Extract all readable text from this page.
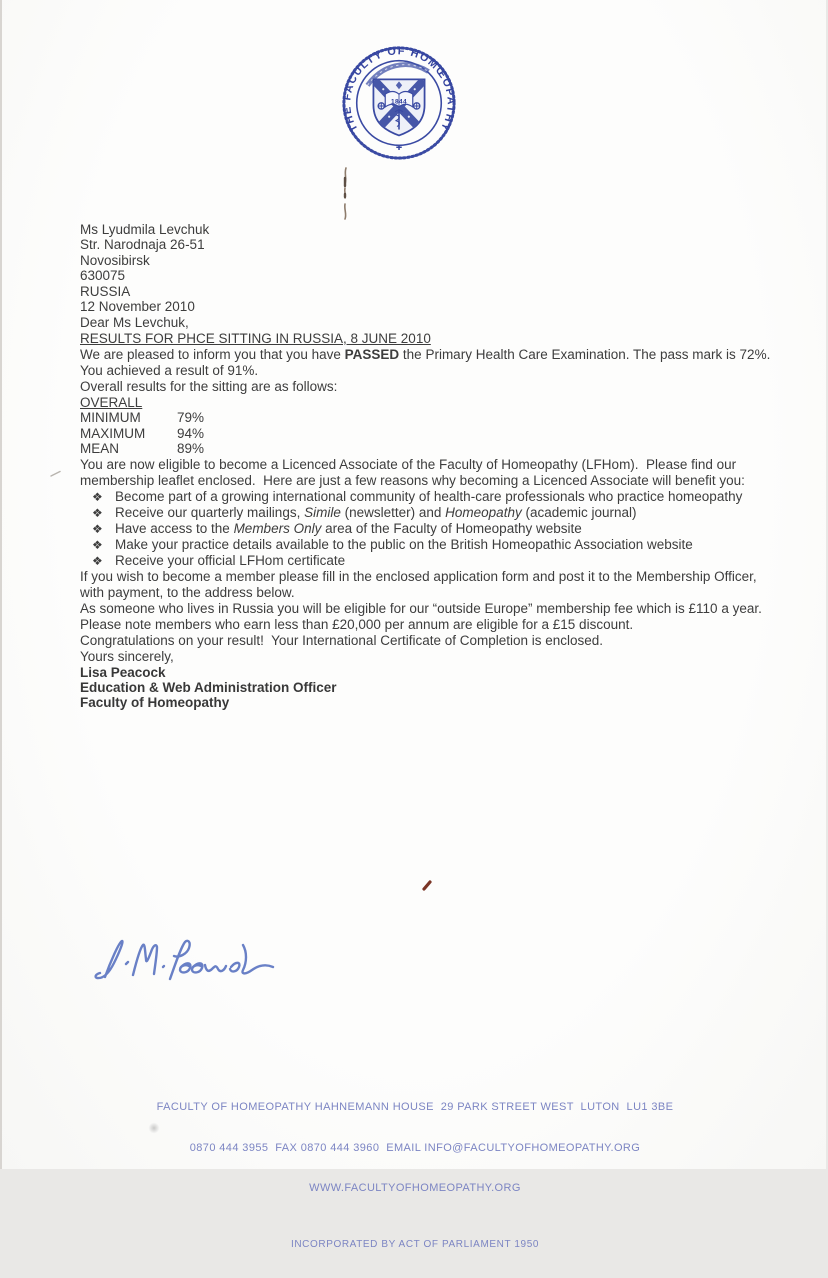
THE FACULTY OF HOMŒOPATHY
✚
1844
Ms Lyudmila Levchuk
Str. Narodnaja 26-51
Novosibirsk
630075
RUSSIA
12 November 2010
Dear Ms Levchuk,
RESULTS FOR PHCE SITTING IN RUSSIA, 8 JUNE 2010

We are pleased to inform you that you have PASSED the Primary Health Care Examination. The pass mark is 72%.

You achieved a result of 91%.

Overall results for the sitting are as follows:

OVERALL
MINIMUM	79%
MAXIMUM	94%
MEAN	89%

You are now eligible to become a Licenced Associate of the Faculty of Homeopathy (LFHom).  Please find our membership leaflet enclosed.  Here are just a few reasons why becoming a Licenced Associate will benefit you:

❖ Become part of a growing international community of health-care professionals who practice homeopathy
❖ Receive our quarterly mailings, Simile (newsletter) and Homeopathy (academic journal)
❖ Have access to the Members Only area of the Faculty of Homeopathy website
❖ Make your practice details available to the public on the British Homeopathic Association website
❖ Receive your official LFHom certificate

If you wish to become a member please fill in the enclosed application form and post it to the Membership Officer, with payment, to the address below.

As someone who lives in Russia you will be eligible for our “outside Europe” membership fee which is £110 a year.  Please note members who earn less than £20,000 per annum are eligible for a £15 discount.

Congratulations on your result!  Your International Certificate of Completion is enclosed.

Yours sincerely,
Lisa Peacock
Education & Web Administration Officer
Faculty of Homeopathy

FACULTY OF HOMEOPATHY HAHNEMANN HOUSE  29 PARK STREET WEST  LUTON  LU1 3BE

0870 444 3955  FAX 0870 444 3960  EMAIL INFO@FACULTYOFHOMEOPATHY.ORG

WWW.FACULTYOFHOMEOPATHY.ORG

INCORPORATED BY ACT OF PARLIAMENT 1950
